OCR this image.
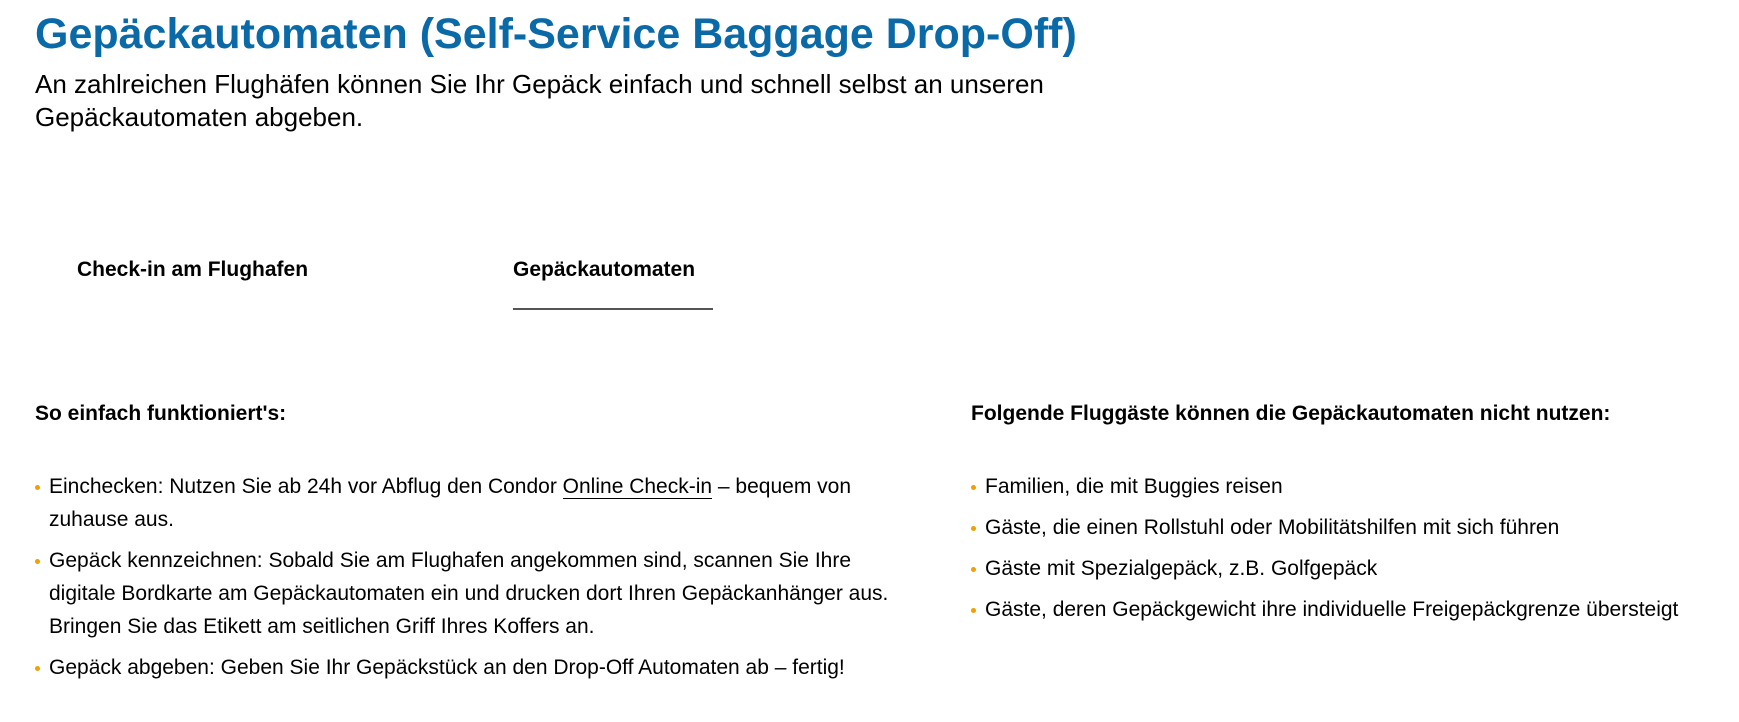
Gepäckautomaten (Self-Service Baggage Drop-Off)

An zahlreichen Flughäfen können Sie Ihr Gepäck einfach und schnell selbst an unseren Gepäckautomaten abgeben.

Check-in am Flughafen	Gepäckautomaten
So einfach funktioniert's:
Einchecken: Nutzen Sie ab 24h vor Abflug den Condor Online Check-in – bequem von zuhause aus.
Gepäck kennzeichnen: Sobald Sie am Flughafen angekommen sind, scannen Sie Ihre digitale Bordkarte am Gepäckautomaten ein und drucken dort Ihren Gepäckanhänger aus. Bringen Sie das Etikett am seitlichen Griff Ihres Koffers an.
Gepäck abgeben: Geben Sie Ihr Gepäckstück an den Drop-Off Automaten ab – fertig!
Folgende Fluggäste können die Gepäckautomaten nicht nutzen:
Familien, die mit Buggies reisen
Gäste, die einen Rollstuhl oder Mobilitätshilfen mit sich führen
Gäste mit Spezialgepäck, z.B. Golfgepäck
Gäste, deren Gepäckgewicht ihre individuelle Freigepäckgrenze übersteigt
